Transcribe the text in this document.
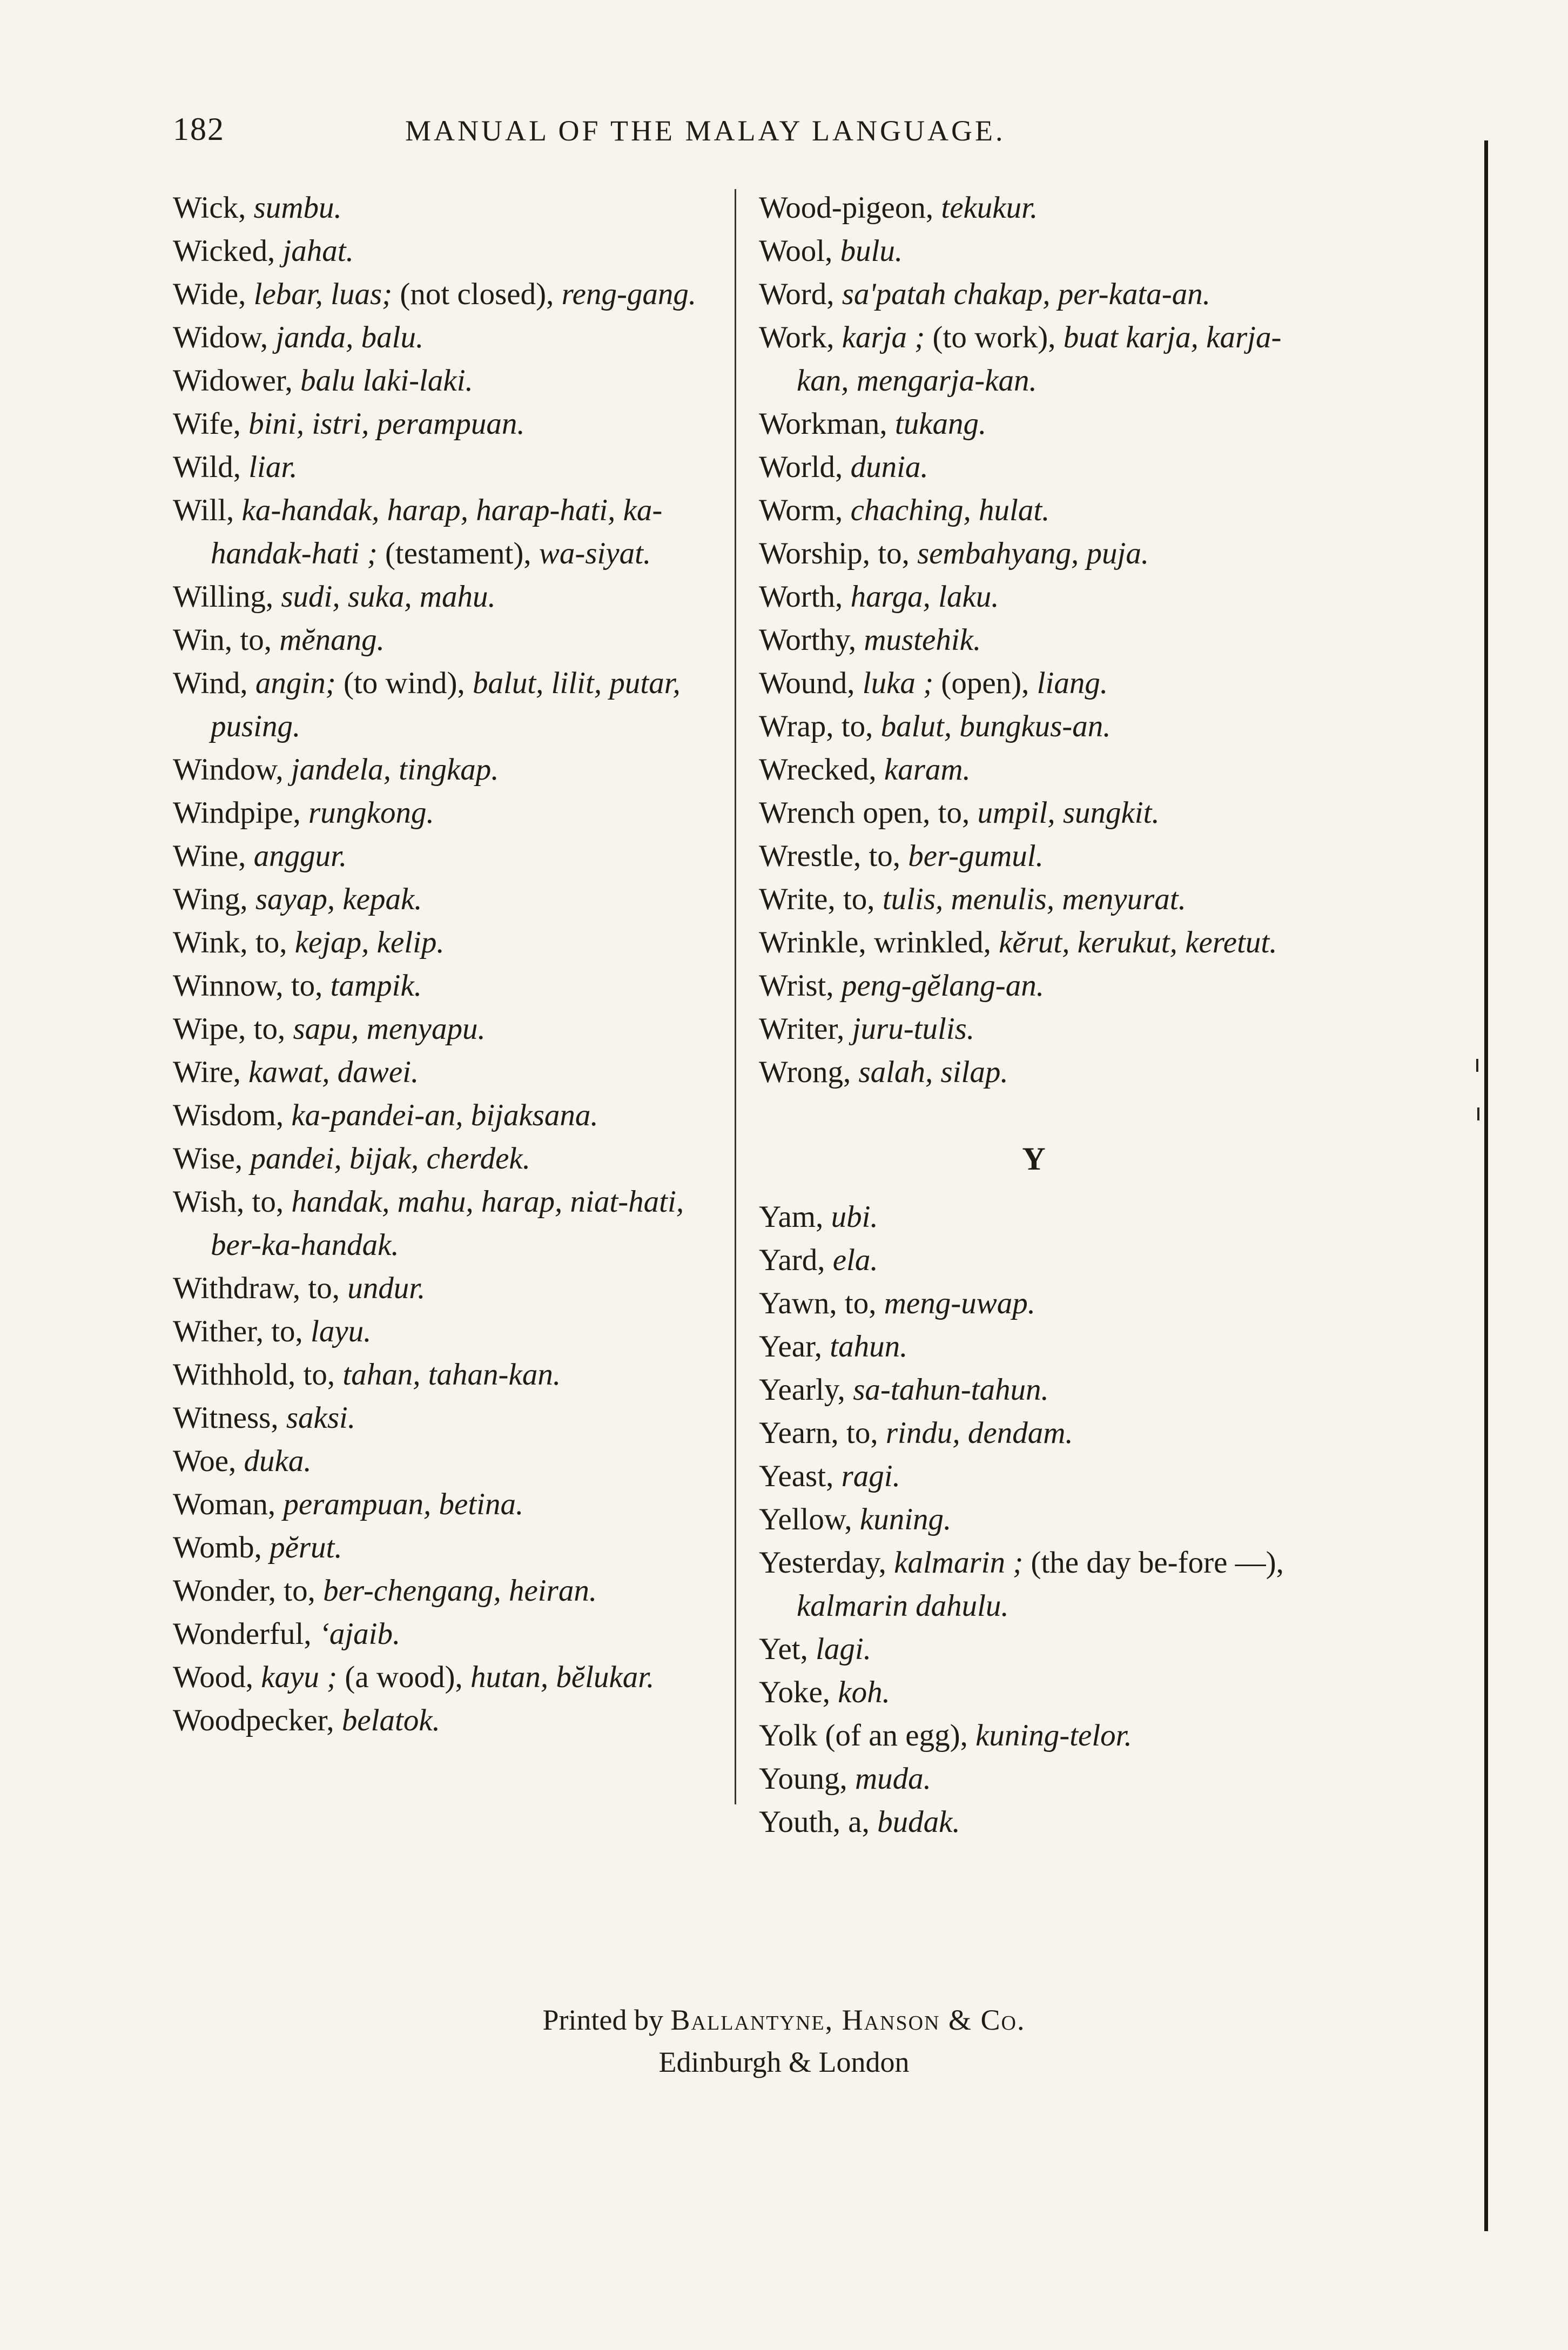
182	MANUAL OF THE MALAY LANGUAGE.

Wick, sumbu.

Wicked, jahat.

Wide, lebar, luas; (not closed), reng-gang.

Widow, janda, balu.

Widower, balu laki-laki.

Wife, bini, istri, perampuan.

Wild, liar.

Will, ka-handak, harap, harap-hati, ka-handak-hati ; (testament), wa-siyat.

Willing, sudi, suka, mahu.

Win, to, mĕnang.

Wind, angin; (to wind), balut, lilit, putar, pusing.

Window, jandela, tingkap.

Windpipe, rungkong.

Wine, anggur.

Wing, sayap, kepak.

Wink, to, kejap, kelip.

Winnow, to, tampik.

Wipe, to, sapu, menyapu.

Wire, kawat, dawei.

Wisdom, ka-pandei-an, bijaksana.

Wise, pandei, bijak, cherdek.

Wish, to, handak, mahu, harap, niat-hati, ber-ka-handak.

Withdraw, to, undur.

Wither, to, layu.

Withhold, to, tahan, tahan-kan.

Witness, saksi.

Woe, duka.

Woman, perampuan, betina.

Womb, pĕrut.

Wonder, to, ber-chengang, heiran.

Wonderful, ‘ajaib.

Wood, kayu ; (a wood), hutan, bĕlukar.

Woodpecker, belatok.

Wood-pigeon, tekukur.

Wool, bulu.

Word, sa'patah chakap, per-kata-an.

Work, karja ; (to work), buat karja, karja-kan, mengarja-kan.

Workman, tukang.

World, dunia.

Worm, chaching, hulat.

Worship, to, sembahyang, puja.

Worth, harga, laku.

Worthy, mustehik.

Wound, luka ; (open), liang.

Wrap, to, balut, bungkus-an.

Wrecked, karam.

Wrench open, to, umpil, sungkit.

Wrestle, to, ber-gumul.

Write, to, tulis, menulis, menyurat.

Wrinkle, wrinkled, kĕrut, kerukut, keretut.

Wrist, peng-gĕlang-an.

Writer, juru-tulis.

Wrong, salah, silap.

Y

Yam, ubi.

Yard, ela.

Yawn, to, meng-uwap.

Year, tahun.

Yearly, sa-tahun-tahun.

Yearn, to, rindu, dendam.

Yeast, ragi.

Yellow, kuning.

Yesterday, kalmarin ; (the day be-fore —), kalmarin dahulu.

Yet, lagi.

Yoke, koh.

Yolk (of an egg), kuning-telor.

Young, muda.

Youth, a, budak.

Printed by Ballantyne, Hanson & Co.
Edinburgh & London
